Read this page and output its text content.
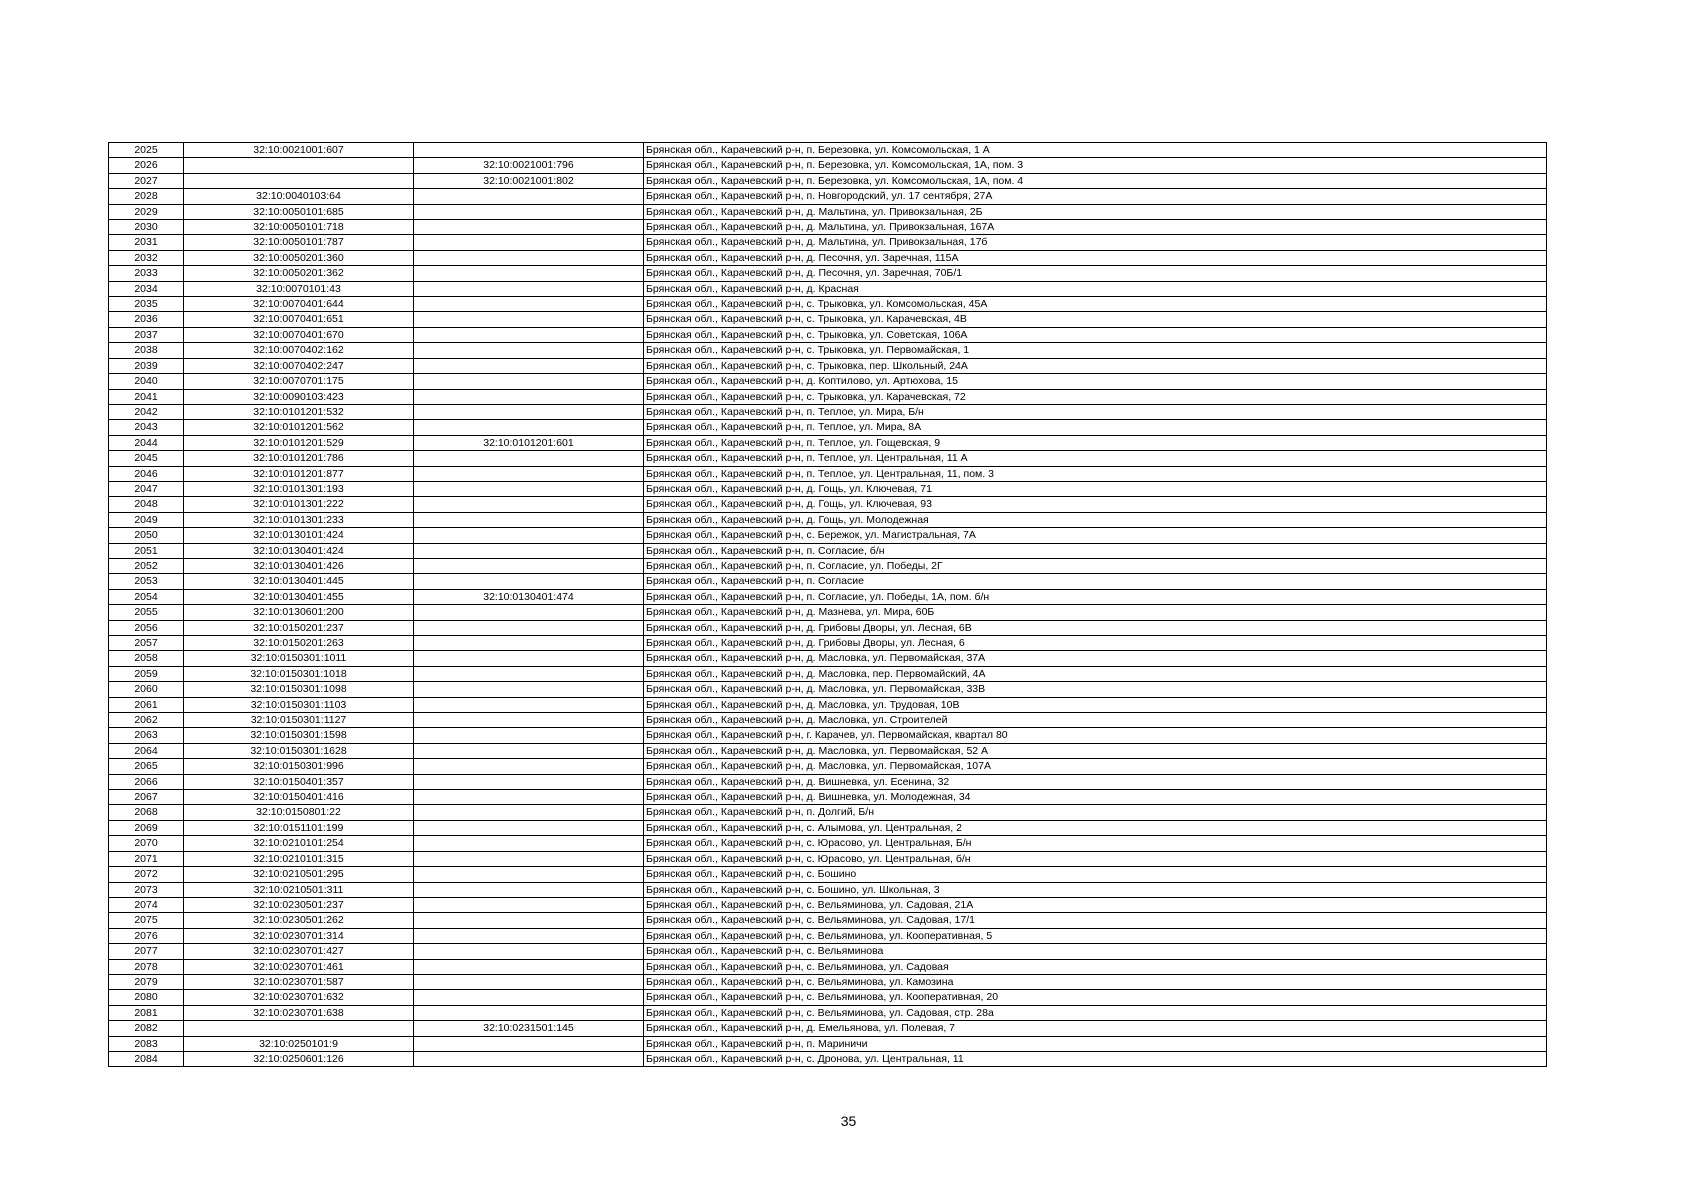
2025	32:10:0021001:607		Брянская обл., Карачевский р-н, п. Березовка, ул. Комсомольская, 1 А
2026		32:10:0021001:796	Брянская обл., Карачевский р-н, п. Березовка, ул. Комсомольская, 1А, пом. 3
2027		32:10:0021001:802	Брянская обл., Карачевский р-н, п. Березовка, ул. Комсомольская, 1А, пом. 4
2028	32:10:0040103:64		Брянская обл., Карачевский р-н, п. Новгородский, ул. 17 сентября, 27А
2029	32:10:0050101:685		Брянская обл., Карачевский р-н, д. Мальтина, ул. Привокзальная, 2Б
2030	32:10:0050101:718		Брянская обл., Карачевский р-н, д. Мальтина, ул. Привокзальная, 167А
2031	32:10:0050101:787		Брянская обл., Карачевский р-н, д. Мальтина, ул. Привокзальная, 17б
2032	32:10:0050201:360		Брянская обл., Карачевский р-н, д. Песочня, ул. Заречная, 115А
2033	32:10:0050201:362		Брянская обл., Карачевский р-н, д. Песочня, ул. Заречная, 70Б/1
2034	32:10:0070101:43		Брянская обл., Карачевский р-н, д. Красная
2035	32:10:0070401:644		Брянская обл., Карачевский р-н, с. Трыковка, ул. Комсомольская, 45А
2036	32:10:0070401:651		Брянская обл., Карачевский р-н, с. Трыковка, ул. Карачевская, 4В
2037	32:10:0070401:670		Брянская обл., Карачевский р-н, с. Трыковка, ул. Советская, 106А
2038	32:10:0070402:162		Брянская обл., Карачевский р-н, с. Трыковка, ул. Первомайская, 1
2039	32:10:0070402:247		Брянская обл., Карачевский р-н, с. Трыковка, пер. Школьный, 24А
2040	32:10:0070701:175		Брянская обл., Карачевский р-н, д. Коптилово, ул. Артюхова, 15
2041	32:10:0090103:423		Брянская обл., Карачевский р-н, с. Трыковка, ул. Карачевская, 72
2042	32:10:0101201:532		Брянская обл., Карачевский р-н, п. Теплое, ул. Мира, Б/н
2043	32:10:0101201:562		Брянская обл., Карачевский р-н, п. Теплое, ул. Мира, 8А
2044	32:10:0101201:529	32:10:0101201:601	Брянская обл., Карачевский р-н, п. Теплое, ул. Гощевская, 9
2045	32:10:0101201:786		Брянская обл., Карачевский р-н, п. Теплое, ул. Центральная, 11 А
2046	32:10:0101201:877		Брянская обл., Карачевский р-н, п. Теплое, ул. Центральная, 11, пом. 3
2047	32:10:0101301:193		Брянская обл., Карачевский р-н, д. Гощь, ул. Ключевая, 71
2048	32:10:0101301:222		Брянская обл., Карачевский р-н, д. Гощь, ул. Ключевая, 93
2049	32:10:0101301:233		Брянская обл., Карачевский р-н, д. Гощь, ул. Молодежная
2050	32:10:0130101:424		Брянская обл., Карачевский р-н, с. Бережок, ул. Магистральная, 7А
2051	32:10:0130401:424		Брянская обл., Карачевский р-н, п. Согласие, б/н
2052	32:10:0130401:426		Брянская обл., Карачевский р-н, п. Согласие, ул. Победы, 2Г
2053	32:10:0130401:445		Брянская обл., Карачевский р-н, п. Согласие
2054	32:10:0130401:455	32:10:0130401:474	Брянская обл., Карачевский р-н, п. Согласие, ул. Победы, 1А, пом. б/н
2055	32:10:0130601:200		Брянская обл., Карачевский р-н, д. Мазнева, ул. Мира, 60Б
2056	32:10:0150201:237		Брянская обл., Карачевский р-н, д. Грибовы Дворы, ул. Лесная, 6В
2057	32:10:0150201:263		Брянская обл., Карачевский р-н, д. Грибовы Дворы, ул. Лесная, 6
2058	32:10:0150301:1011		Брянская обл., Карачевский р-н, д. Масловка, ул. Первомайская, 37А
2059	32:10:0150301:1018		Брянская обл., Карачевский р-н, д. Масловка, пер. Первомайский, 4А
2060	32:10:0150301:1098		Брянская обл., Карачевский р-н, д. Масловка, ул. Первомайская, 33В
2061	32:10:0150301:1103		Брянская обл., Карачевский р-н, д. Масловка, ул. Трудовая, 10В
2062	32:10:0150301:1127		Брянская обл., Карачевский р-н, д. Масловка, ул. Строителей
2063	32:10:0150301:1598		Брянская обл., Карачевский р-н, г. Карачев, ул. Первомайская, квартал 80
2064	32:10:0150301:1628		Брянская обл., Карачевский р-н, д. Масловка, ул. Первомайская, 52 А
2065	32:10:0150301:996		Брянская обл., Карачевский р-н, д. Масловка, ул. Первомайская, 107А
2066	32:10:0150401:357		Брянская обл., Карачевский р-н, д. Вишневка, ул. Есенина, 32
2067	32:10:0150401:416		Брянская обл., Карачевский р-н, д. Вишневка, ул. Молодежная, 34
2068	32:10:0150801:22		Брянская обл., Карачевский р-н, п. Долгий, Б/н
2069	32:10:0151101:199		Брянская обл., Карачевский р-н, с. Алымова, ул. Центральная, 2
2070	32:10:0210101:254		Брянская обл., Карачевский р-н, с. Юрасово, ул. Центральная, Б/н
2071	32:10:0210101:315		Брянская обл., Карачевский р-н, с. Юрасово, ул. Центральная, б/н
2072	32:10:0210501:295		Брянская обл., Карачевский р-н, с. Бошино
2073	32:10:0210501:311		Брянская обл., Карачевский р-н, с. Бошино, ул. Школьная, 3
2074	32:10:0230501:237		Брянская обл., Карачевский р-н, с. Вельяминова, ул. Садовая, 21А
2075	32:10:0230501:262		Брянская обл., Карачевский р-н, с. Вельяминова, ул. Садовая, 17/1
2076	32:10:0230701:314		Брянская обл., Карачевский р-н, с. Вельяминова, ул. Кооперативная, 5
2077	32:10:0230701:427		Брянская обл., Карачевский р-н, с. Вельяминова
2078	32:10:0230701:461		Брянская обл., Карачевский р-н, с. Вельяминова, ул. Садовая
2079	32:10:0230701:587		Брянская обл., Карачевский р-н, с. Вельяминова, ул. Камозина
2080	32:10:0230701:632		Брянская обл., Карачевский р-н, с. Вельяминова, ул. Кооперативная, 20
2081	32:10:0230701:638		Брянская обл., Карачевский р-н, с. Вельяминова, ул. Садовая, стр. 28а
2082		32:10:0231501:145	Брянская обл., Карачевский р-н, д. Емельянова, ул. Полевая, 7
2083	32:10:0250101:9		Брянская обл., Карачевский р-н, п. Мариничи
2084	32:10:0250601:126		Брянская обл., Карачевский р-н, с. Дронова, ул. Центральная, 11
35
